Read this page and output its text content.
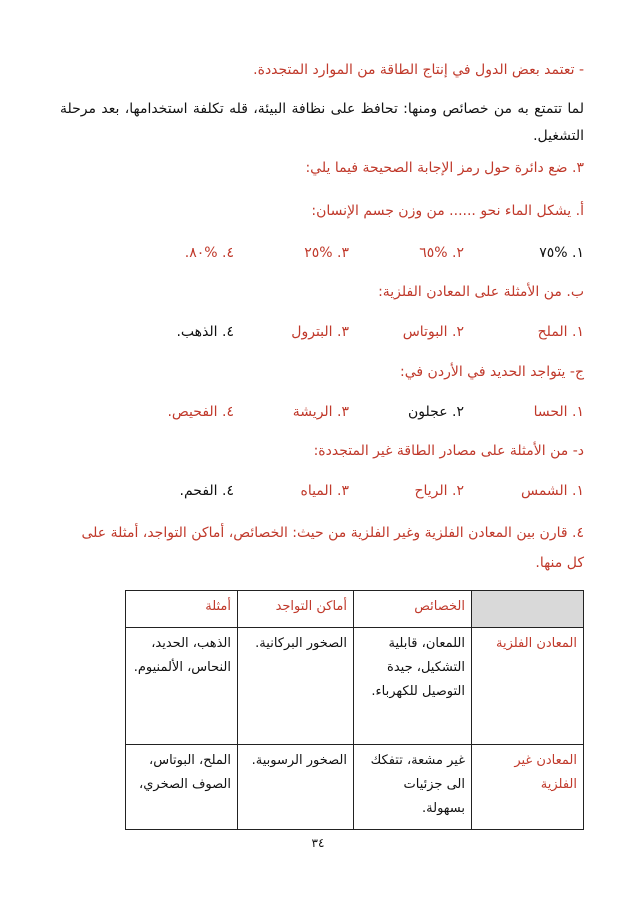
- تعتمد بعض الدول في إنتاج الطاقة من الموارد المتجددة.
لما تتمتع به من خصائص ومنها: تحافظ على نظافة البيئة، قله تكلفة استخدامها، بعد مرحلة التشغيل.
٣. ضع دائرة حول رمز الإجابة الصحيحة فيما يلي:
أ. يشكل الماء نحو ...... من وزن جسم الإنسان:
١. %٧٥
٢. %٦٥
٣. %٢٥
٤. %٨٠.
ب. من الأمثلة على المعادن الفلزية:
١. الملح
٢. البوتاس
٣. البترول
٤. الذهب.
ج- يتواجد الحديد في الأردن في:
١. الحسا
٢. عجلون
٣. الريشة
٤. الفحيص.
د- من الأمثلة على مصادر الطاقة غير المتجددة:
١. الشمس
٢. الرياح
٣. المياه
٤. الفحم.
٤. قارن بين المعادن الفلزية وغير الفلزية من حيث: الخصائص، أماكن التواجد، أمثلة على كل منها.
	الخصائص	أماكن التواجد	أمثلة
المعادن الفلزية	اللمعان، قابلية التشكيل، جيدة التوصيل للكهرباء.	الصخور البركانية.	الذهب، الحديد، النحاس، الألمنيوم.
المعادن غير الفلزية	غير مشعة، تتفكك الى جزئيات بسهولة.	الصخور الرسوبية.	الملح، البوتاس، الصوف الصخري،
٣٤
